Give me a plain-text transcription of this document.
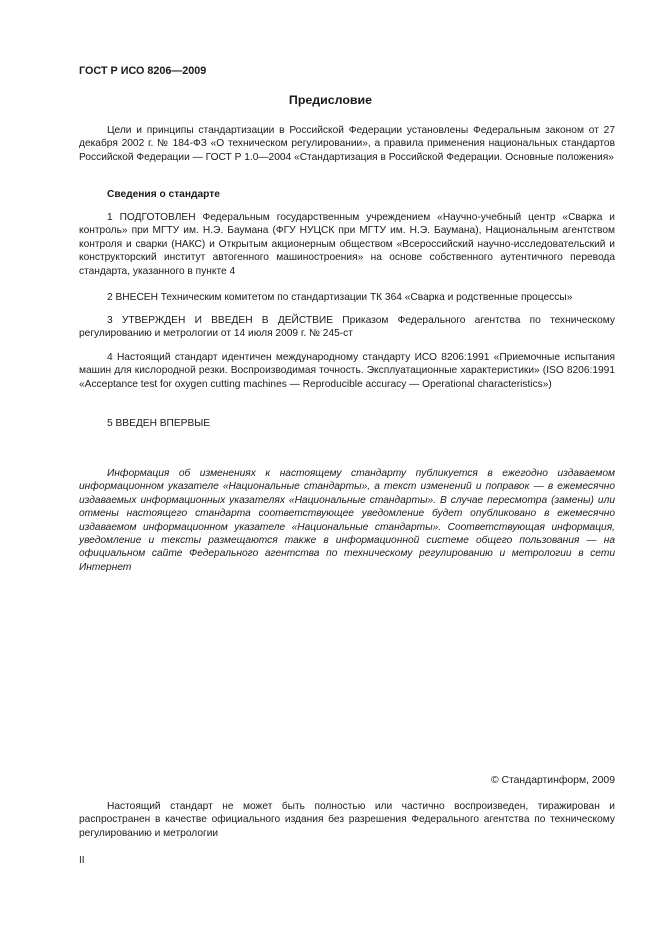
ГОСТ Р ИСО 8206—2009
Предисловие

Цели и принципы стандартизации в Российской Федерации установлены Федеральным законом от 27 декабря 2002 г. № 184-ФЗ «О техническом регулировании», а правила применения национальных стандартов Российской Федерации — ГОСТ Р 1.0—2004 «Стандартизация в Российской Федерации. Основные положения»

Сведения о стандарте

1 ПОДГОТОВЛЕН Федеральным государственным учреждением «Научно-учебный центр «Сварка и контроль» при МГТУ им. Н.Э. Баумана (ФГУ НУЦСК при МГТУ им. Н.Э. Баумана), Национальным агентством контроля и сварки (НАКС) и Открытым акционерным обществом «Всероссийский научно-исследовательский и конструкторский институт автогенного машиностроения» на основе собственного аутентичного перевода стандарта, указанного в пункте 4

2 ВНЕСЕН Техническим комитетом по стандартизации ТК 364 «Сварка и родственные процессы»

3 УТВЕРЖДЕН И ВВЕДЕН В ДЕЙСТВИЕ Приказом Федерального агентства по техническому регулированию и метрологии от 14 июля 2009 г. № 245-ст

4 Настоящий стандарт идентичен международному стандарту ИСО 8206:1991 «Приемочные испытания машин для кислородной резки. Воспроизводимая точность. Эксплуатационные характеристики» (ISO 8206:1991 «Acceptance test for oxygen cutting machines — Reproducible accuracy — Operational characteristics»)

5 ВВЕДЕН ВПЕРВЫЕ

Информация об изменениях к настоящему стандарту публикуется в ежегодно издаваемом информационном указателе «Национальные стандарты», а текст изменений и поправок — в ежемесячно издаваемых информационных указателях «Национальные стандарты». В случае пересмотра (замены) или отмены настоящего стандарта соответствующее уведомление будет опубликовано в ежемесячно издаваемом информационном указателе «Национальные стандарты». Соответствующая информация, уведомление и тексты размещаются также в информационной системе общего пользования — на официальном сайте Федерального агентства по техническому регулированию и метрологии в сети Интернет

© Стандартинформ, 2009

Настоящий стандарт не может быть полностью или частично воспроизведен, тиражирован и распространен в качестве официального издания без разрешения Федерального агентства по техническому регулированию и метрологии

II
